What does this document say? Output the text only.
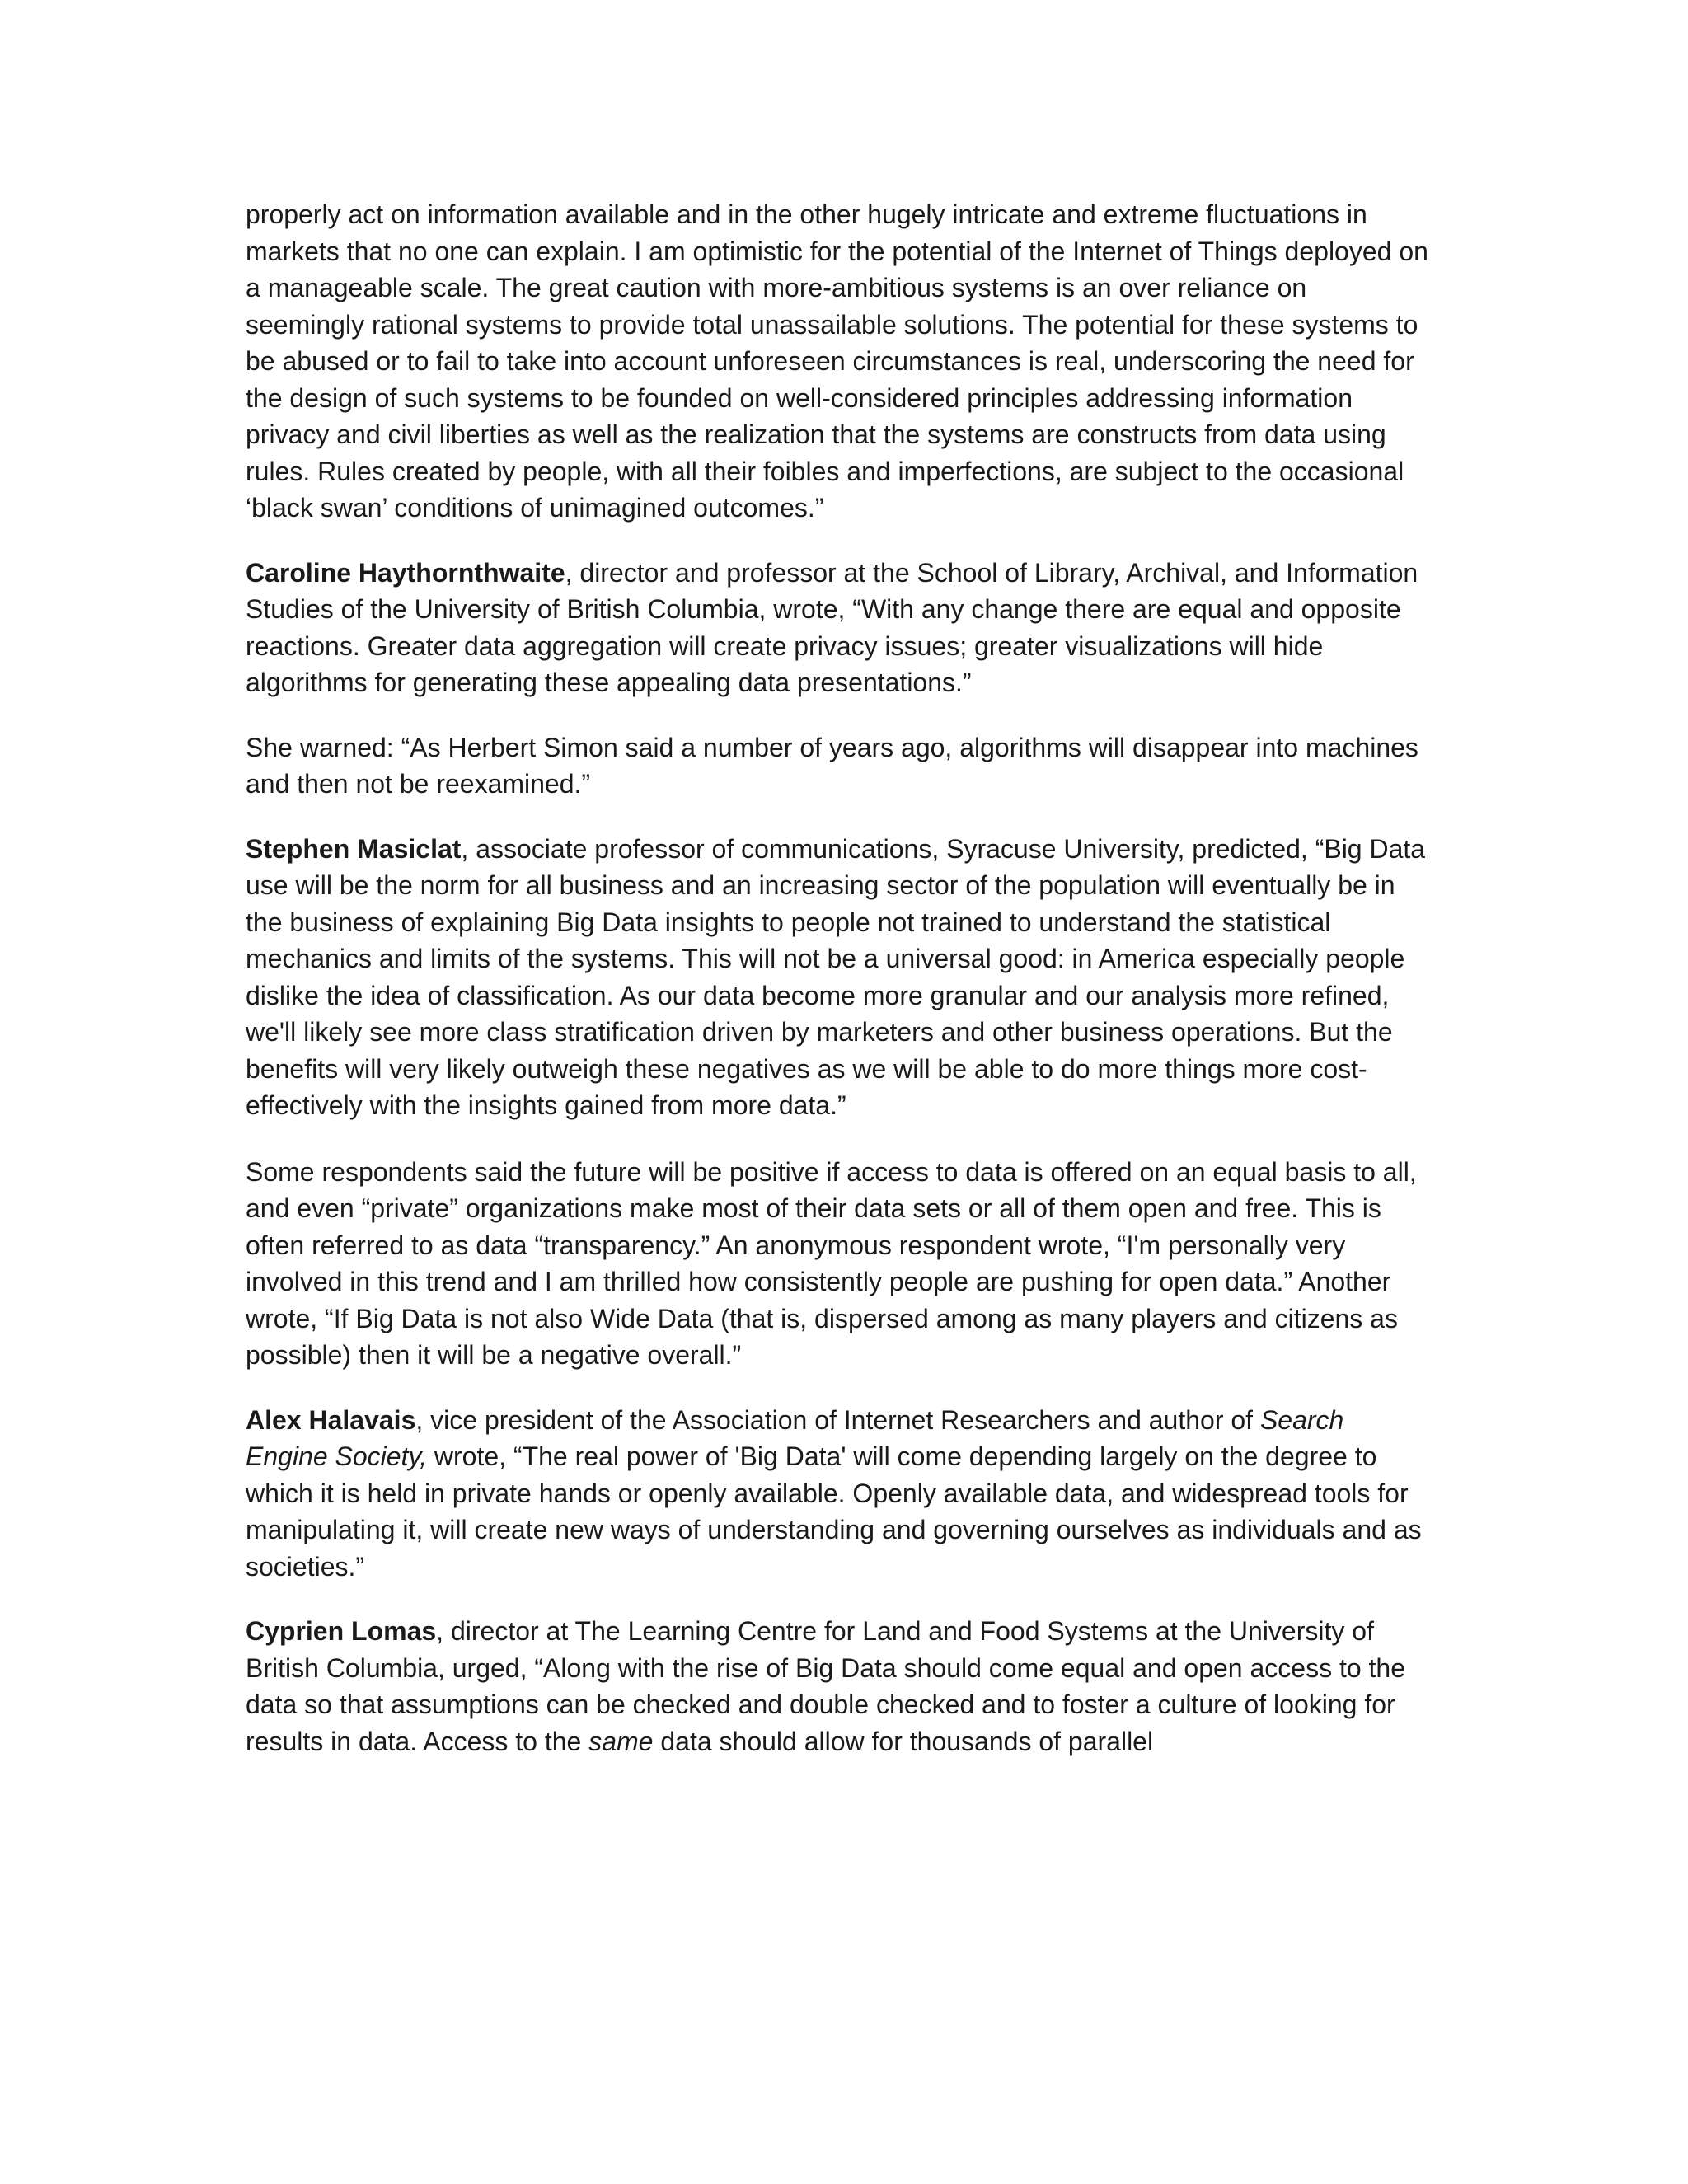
properly act on information available and in the other hugely intricate and extreme fluctuations in markets that no one can explain. I am optimistic for the potential of the Internet of Things deployed on a manageable scale. The great caution with more-ambitious systems is an over reliance on seemingly rational systems to provide total unassailable solutions. The potential for these systems to be abused or to fail to take into account unforeseen circumstances is real, underscoring the need for the design of such systems to be founded on well-considered principles addressing information privacy and civil liberties as well as the realization that the systems are constructs from data using rules. Rules created by people, with all their foibles and imperfections, are subject to the occasional ‘black swan’ conditions of unimagined outcomes.”

Caroline Haythornthwaite, director and professor at the School of Library, Archival, and Information Studies of the University of British Columbia, wrote, “With any change there are equal and opposite reactions. Greater data aggregation will create privacy issues; greater visualizations will hide algorithms for generating these appealing data presentations.”

She warned: “As Herbert Simon said a number of years ago, algorithms will disappear into machines and then not be reexamined.”

Stephen Masiclat, associate professor of communications, Syracuse University, predicted, “Big Data use will be the norm for all business and an increasing sector of the population will eventually be in the business of explaining Big Data insights to people not trained to understand the statistical mechanics and limits of the systems. This will not be a universal good: in America especially people dislike the idea of classification. As our data become more granular and our analysis more refined, we'll likely see more class stratification driven by marketers and other business operations. But the benefits will very likely outweigh these negatives as we will be able to do more things more cost-effectively with the insights gained from more data.”

Some respondents said the future will be positive if access to data is offered on an equal basis to all, and even “private” organizations make most of their data sets or all of them open and free. This is often referred to as data “transparency.” An anonymous respondent wrote, “I'm personally very involved in this trend and I am thrilled how consistently people are pushing for open data.” Another wrote, “If Big Data is not also Wide Data (that is, dispersed among as many players and citizens as possible) then it will be a negative overall.”

Alex Halavais, vice president of the Association of Internet Researchers and author of Search Engine Society, wrote, “The real power of 'Big Data' will come depending largely on the degree to which it is held in private hands or openly available. Openly available data, and widespread tools for manipulating it, will create new ways of understanding and governing ourselves as individuals and as societies.”

Cyprien Lomas, director at The Learning Centre for Land and Food Systems at the University of British Columbia, urged, “Along with the rise of Big Data should come equal and open access to the data so that assumptions can be checked and double checked and to foster a culture of looking for results in data. Access to the same data should allow for thousands of parallel
